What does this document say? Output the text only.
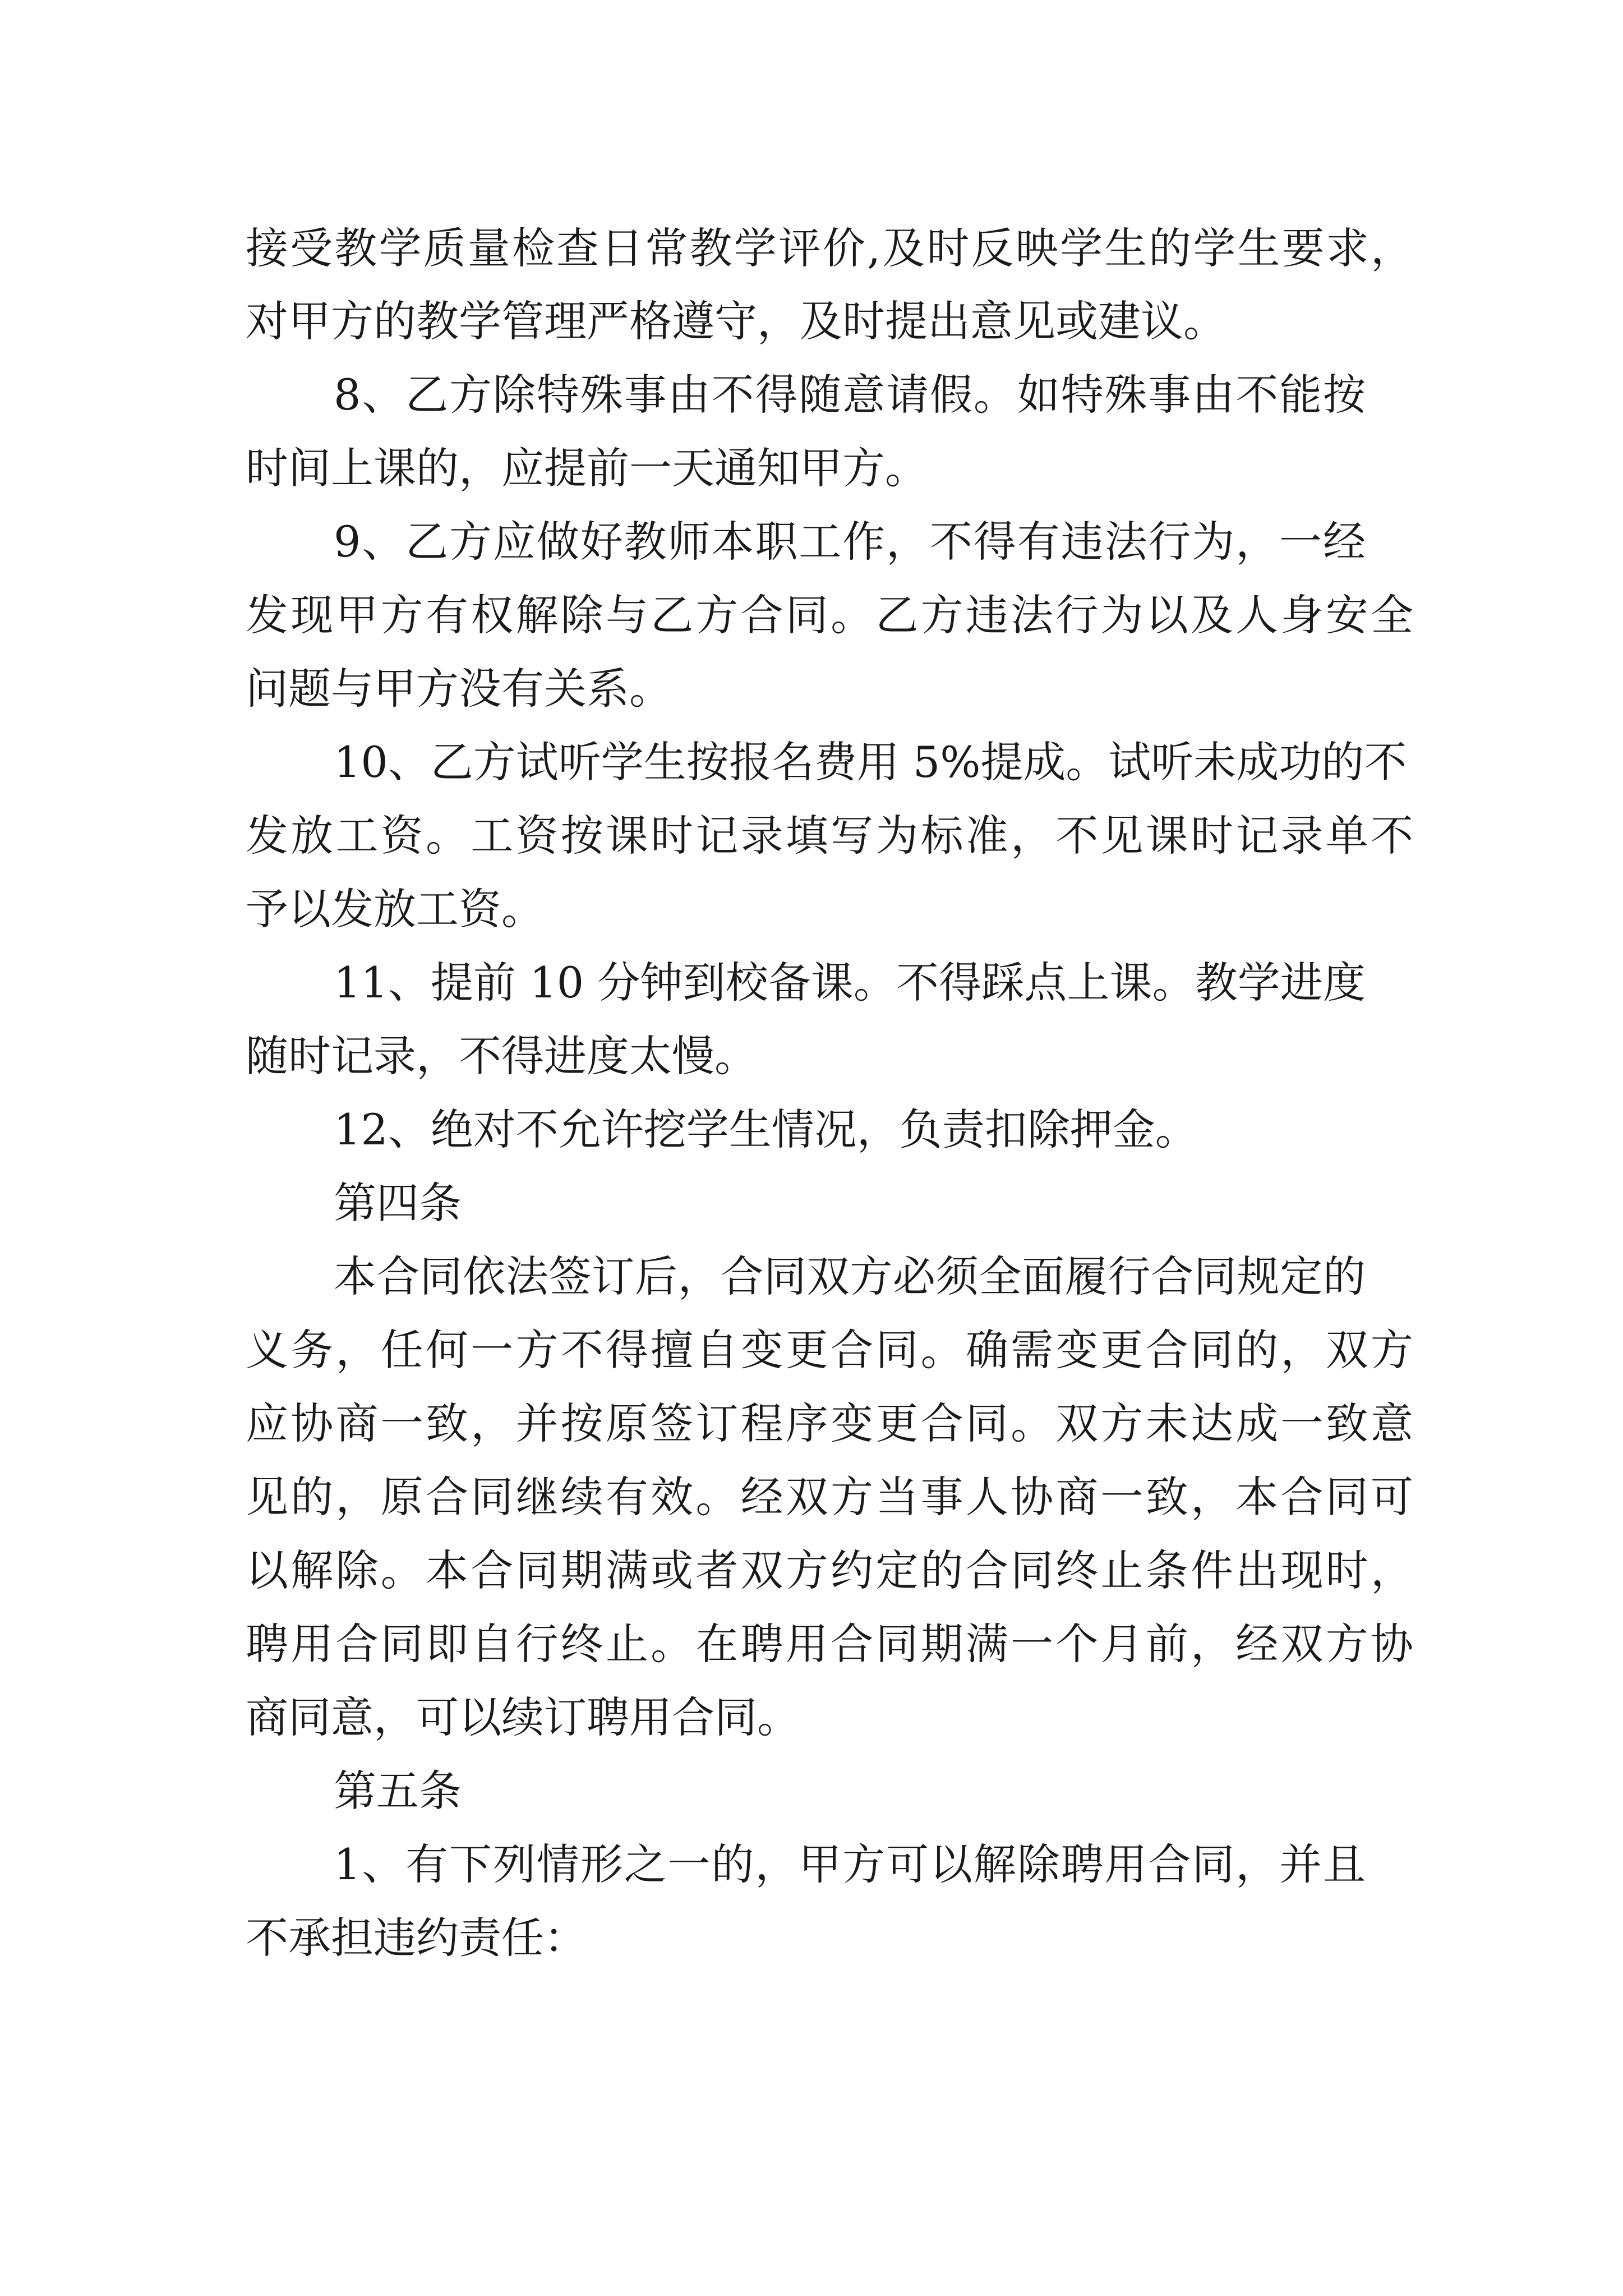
接受教学质量检查日常教学评价,及时反映学生的学生要求，

对甲方的教学管理严格遵守，及时提出意见或建议。

8、乙方除特殊事由不得随意请假。如特殊事由不能按

时间上课的，应提前一天通知甲方。

9、乙方应做好教师本职工作，不得有违法行为，一经

发现甲方有权解除与乙方合同。乙方违法行为以及人身安全

问题与甲方没有关系。

10、乙方试听学生按报名费用 5%提成。试听未成功的不

发放工资。工资按课时记录填写为标准，不见课时记录单不

予以发放工资。

11、提前 10 分钟到校备课。不得踩点上课。教学进度

随时记录，不得进度太慢。

12、绝对不允许挖学生情况，负责扣除押金。

第四条

本合同依法签订后，合同双方必须全面履行合同规定的

义务，任何一方不得擅自变更合同。确需变更合同的，双方

应协商一致，并按原签订程序变更合同。双方未达成一致意

见的，原合同继续有效。经双方当事人协商一致，本合同可

以解除。本合同期满或者双方约定的合同终止条件出现时，

聘用合同即自行终止。在聘用合同期满一个月前，经双方协

商同意，可以续订聘用合同。

第五条

1、有下列情形之一的，甲方可以解除聘用合同，并且

不承担违约责任：
